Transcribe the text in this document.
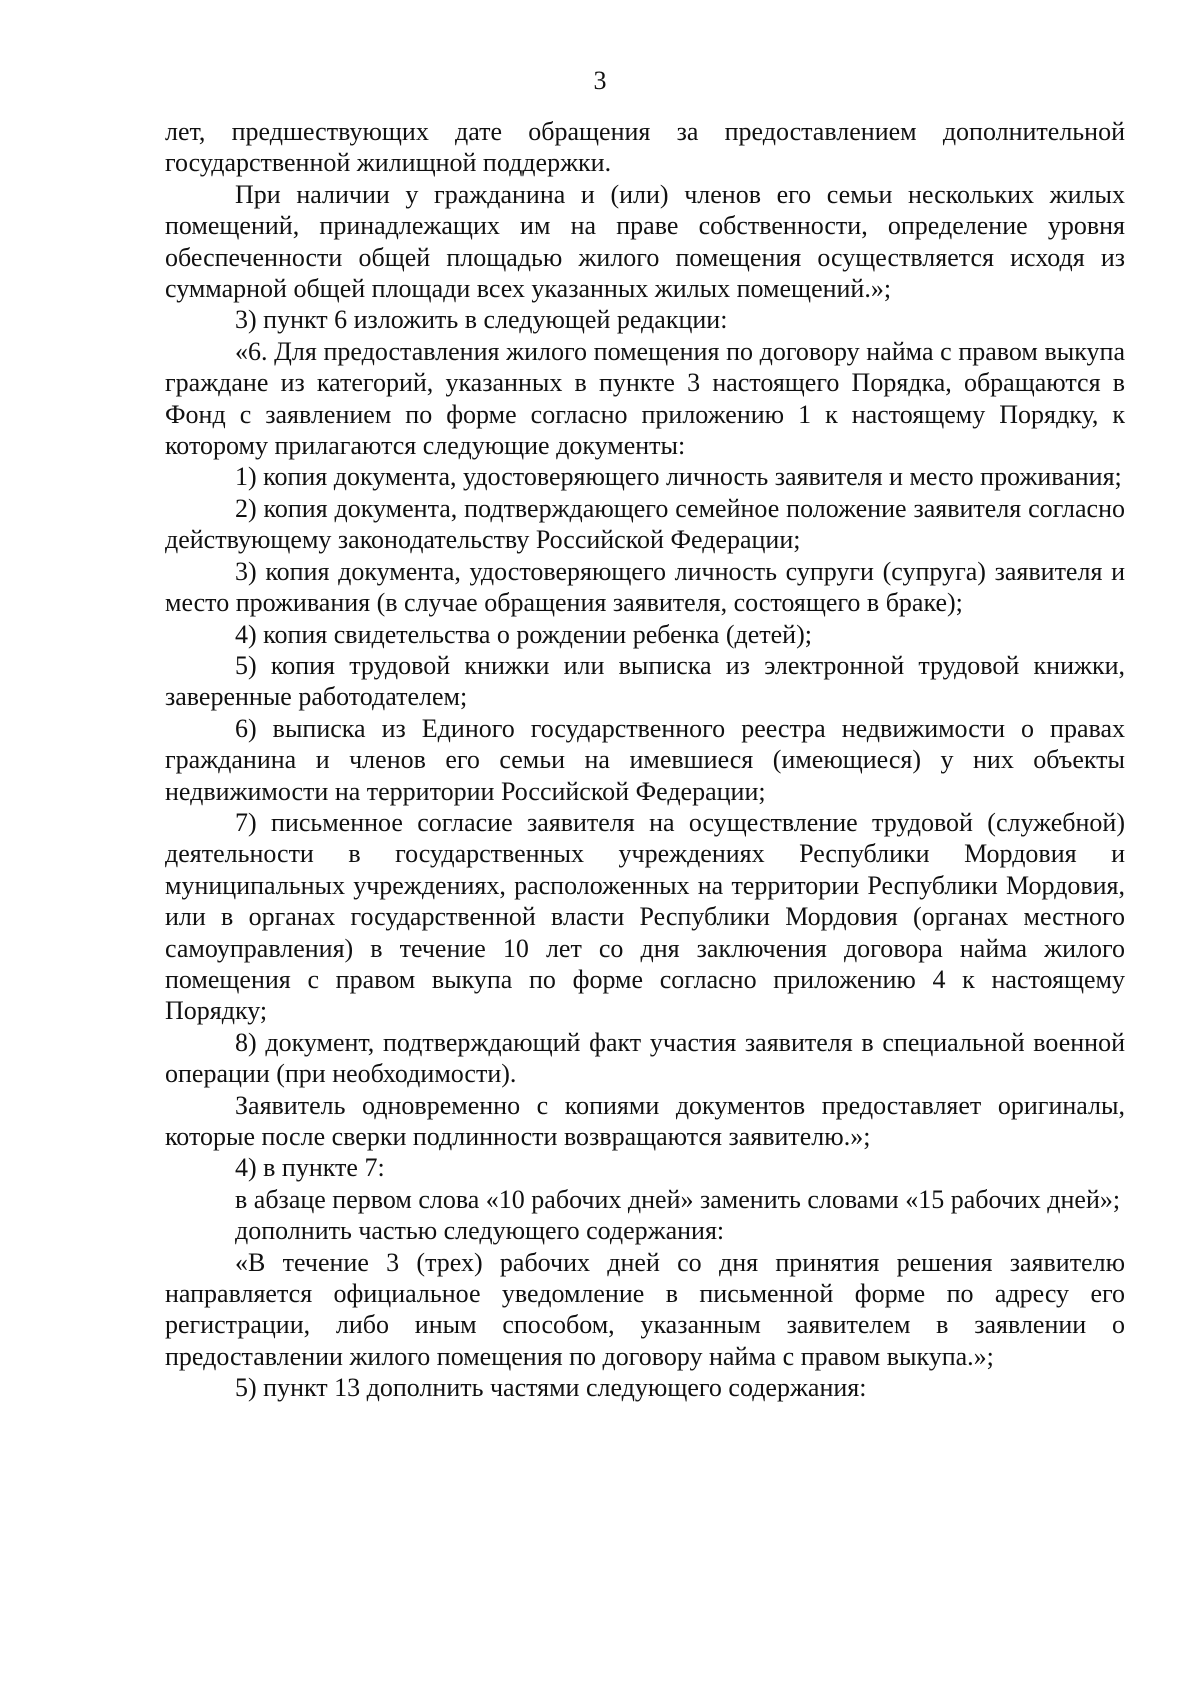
3

лет, предшествующих дате обращения за предоставлением дополнительной государственной жилищной поддержки.

При наличии у гражданина и (или) членов его семьи нескольких жилых помещений, принадлежащих им на праве собственности, определение уровня обеспеченности общей площадью жилого помещения осуществляется исходя из суммарной общей площади всех указанных жилых помещений.»;

3) пункт 6 изложить в следующей редакции:

«6. Для предоставления жилого помещения по договору найма с правом выкупа граждане из категорий, указанных в пункте 3 настоящего Порядка, обращаются в Фонд с заявлением по форме согласно приложению 1 к настоящему Порядку, к которому прилагаются следующие документы:

1) копия документа, удостоверяющего личность заявителя и место проживания;

2) копия документа, подтверждающего семейное положение заявителя согласно действующему законодательству Российской Федерации;

3) копия документа, удостоверяющего личность супруги (супруга) заявителя и место проживания (в случае обращения заявителя, состоящего в браке);

4) копия свидетельства о рождении ребенка (детей);

5) копия трудовой книжки или выписка из электронной трудовой книжки, заверенные работодателем;

6) выписка из Единого государственного реестра недвижимости о правах гражданина и членов его семьи на имевшиеся (имеющиеся) у них объекты недвижимости на территории Российской Федерации;

7) письменное согласие заявителя на осуществление трудовой (служебной) деятельности в государственных учреждениях Республики Мордовия и муниципальных учреждениях, расположенных на территории Республики Мордовия, или в органах государственной власти Республики Мордовия (органах местного самоуправления) в течение 10 лет со дня заключения договора найма жилого помещения с правом выкупа по форме согласно приложению 4 к настоящему Порядку;

8) документ, подтверждающий факт участия заявителя в специальной военной операции (при необходимости).

Заявитель одновременно с копиями документов предоставляет оригиналы, которые после сверки подлинности возвращаются заявителю.»;

4) в пункте 7:

в абзаце первом слова «10 рабочих дней» заменить словами «15 рабочих дней»;

дополнить частью следующего содержания:

«В течение 3 (трех) рабочих дней со дня принятия решения заявителю направляется официальное уведомление в письменной форме по адресу его регистрации, либо иным способом, указанным заявителем в заявлении о предоставлении жилого помещения по договору найма с правом выкупа.»;

5) пункт 13 дополнить частями следующего содержания:
